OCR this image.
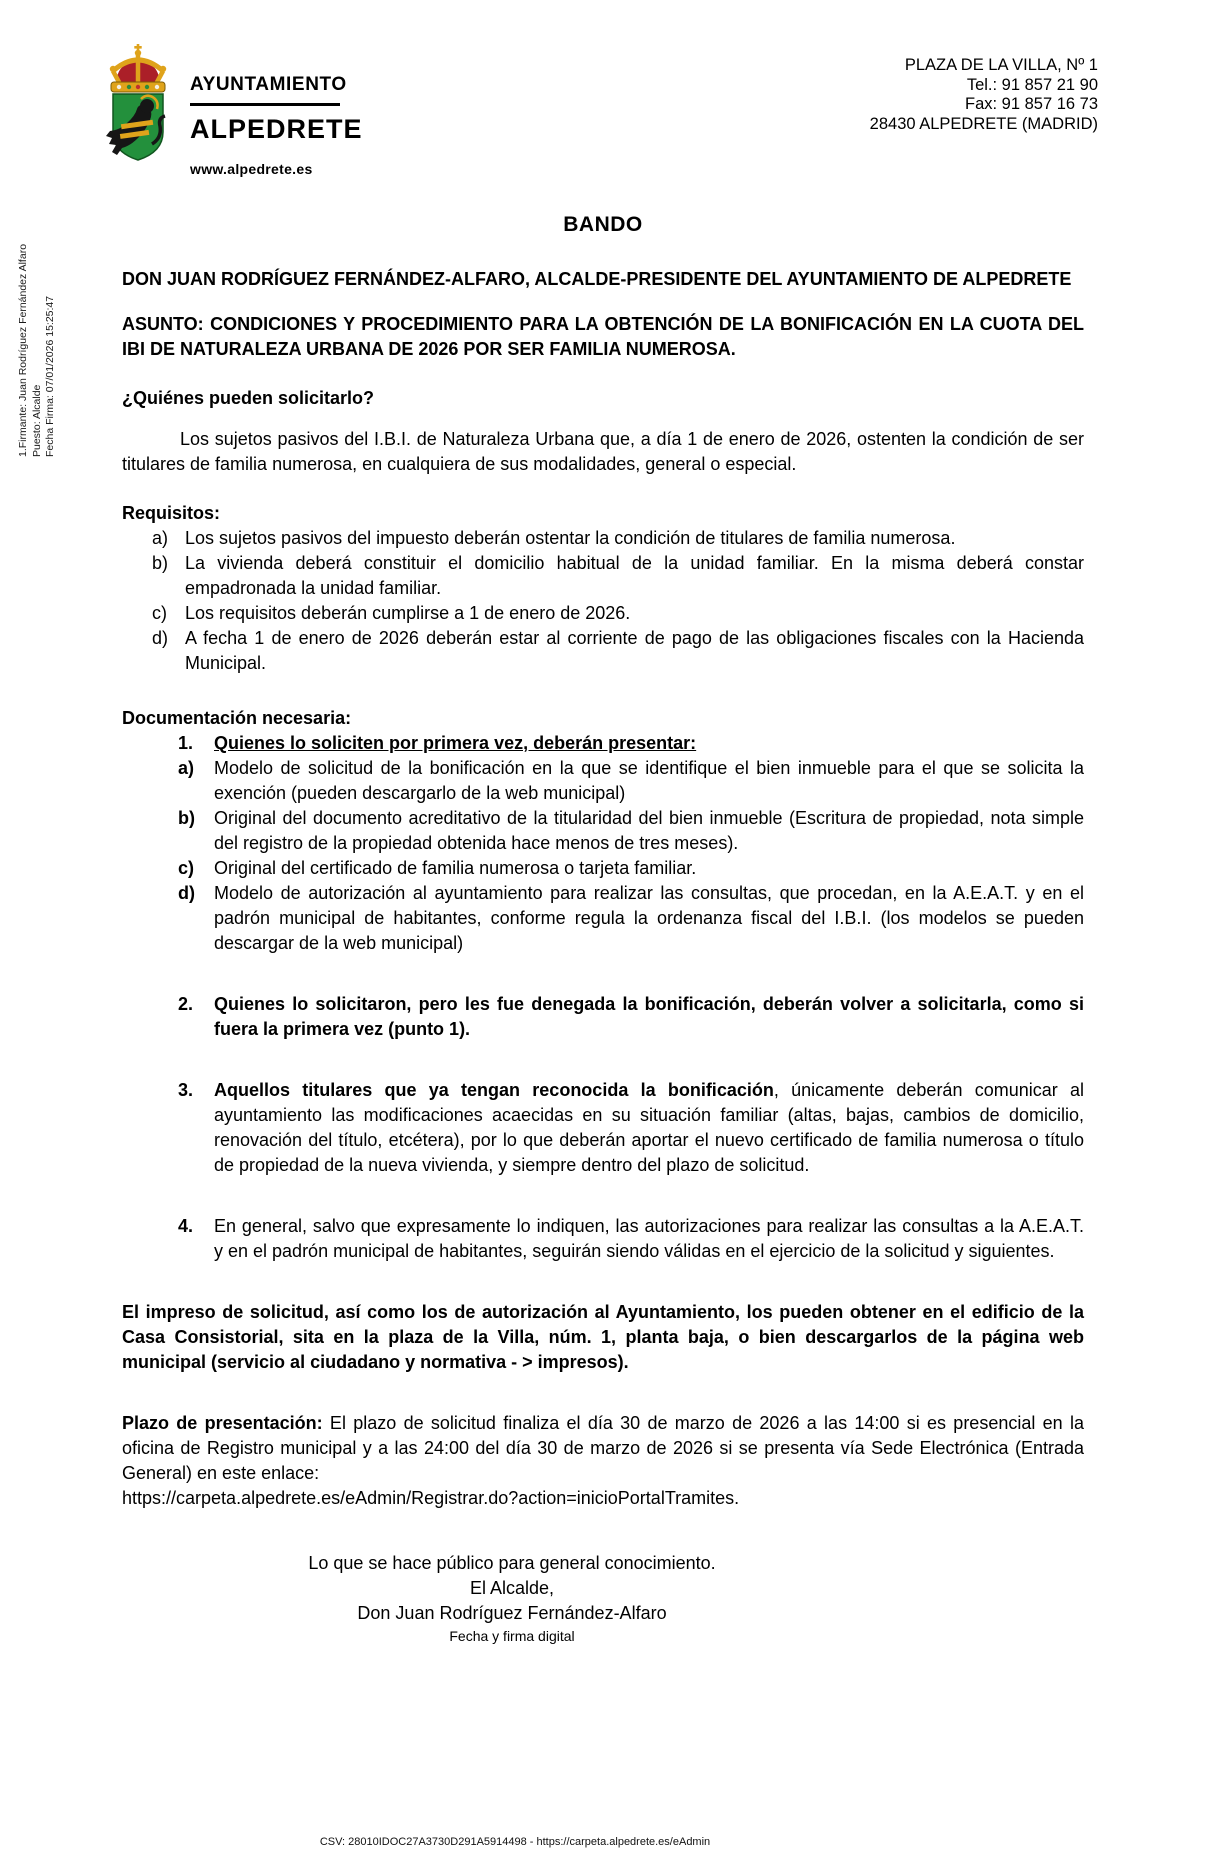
AYUNTAMIENTO
ALPEDRETE
www.alpedrete.es
PLAZA DE LA VILLA, Nº 1
Tel.: 91 857 21 90
Fax: 91 857 16 73
28430 ALPEDRETE (MADRID)
1.Firmante: Juan Rodríguez Fernández Alfaro Puesto: Alcalde Fecha Firma: 07/01/2026 15:25:47
BANDO

DON JUAN RODRÍGUEZ FERNÁNDEZ-ALFARO, ALCALDE-PRESIDENTE DEL AYUNTAMIENTO DE ALPEDRETE

ASUNTO: CONDICIONES Y PROCEDIMIENTO PARA LA OBTENCIÓN DE LA BONIFICACIÓN EN LA CUOTA DEL IBI DE NATURALEZA URBANA DE 2026 POR SER FAMILIA NUMEROSA.

¿Quiénes pueden solicitarlo?

Los sujetos pasivos del I.B.I. de Naturaleza Urbana que, a día 1 de enero de 2026, ostenten la condición de ser titulares de familia numerosa, en cualquiera de sus modalidades, general o especial.

Requisitos:

a) Los sujetos pasivos del impuesto deberán ostentar la condición de titulares de familia numerosa.
b) La vivienda deberá constituir el domicilio habitual de la unidad familiar. En la misma deberá constar empadronada la unidad familiar.
c) Los requisitos deberán cumplirse a 1 de enero de 2026.
d) A fecha 1 de enero de 2026 deberán estar al corriente de pago de las obligaciones fiscales con la Hacienda Municipal.

Documentación necesaria:

1. Quienes lo soliciten por primera vez, deberán presentar:
a) Modelo de solicitud de la bonificación en la que se identifique el bien inmueble para el que se solicita la exención (pueden descargarlo de la web municipal)
b) Original del documento acreditativo de la titularidad del bien inmueble (Escritura de propiedad, nota simple del registro de la propiedad obtenida hace menos de tres meses).
c) Original del certificado de familia numerosa o tarjeta familiar.
d) Modelo de autorización al ayuntamiento para realizar las consultas, que procedan, en la A.E.A.T. y en el padrón municipal de habitantes, conforme regula la ordenanza fiscal del I.B.I. (los modelos se pueden descargar de la web municipal)
2. Quienes lo solicitaron, pero les fue denegada la bonificación, deberán volver a solicitarla, como si fuera la primera vez (punto 1).
3. Aquellos titulares que ya tengan reconocida la bonificación, únicamente deberán comunicar al ayuntamiento las modificaciones acaecidas en su situación familiar (altas, bajas, cambios de domicilio, renovación del título, etcétera), por lo que deberán aportar el nuevo certificado de familia numerosa o título de propiedad de la nueva vivienda, y siempre dentro del plazo de solicitud.
4. En general, salvo que expresamente lo indiquen, las autorizaciones para realizar las consultas a la A.E.A.T. y en el padrón municipal de habitantes, seguirán siendo válidas en el ejercicio de la solicitud y siguientes.

El impreso de solicitud, así como los de autorización al Ayuntamiento, los pueden obtener en el edificio de la Casa Consistorial, sita en la plaza de la Villa, núm. 1, planta baja, o bien descargarlos de la página web municipal (servicio al ciudadano y normativa - > impresos).

Plazo de presentación: El plazo de solicitud finaliza el día 30 de marzo de 2026 a las 14:00 si es presencial en la oficina de Registro municipal y a las 24:00 del día 30 de marzo de 2026 si se presenta vía Sede Electrónica (Entrada General) en este enlace:

https://carpeta.alpedrete.es/eAdmin/Registrar.do?action=inicioPortalTramites.
Lo que se hace público para general conocimiento.
El Alcalde,
Don Juan Rodríguez Fernández-Alfaro
Fecha y firma digital
CSV: 28010IDOC27A3730D291A5914498 - https://carpeta.alpedrete.es/eAdmin
